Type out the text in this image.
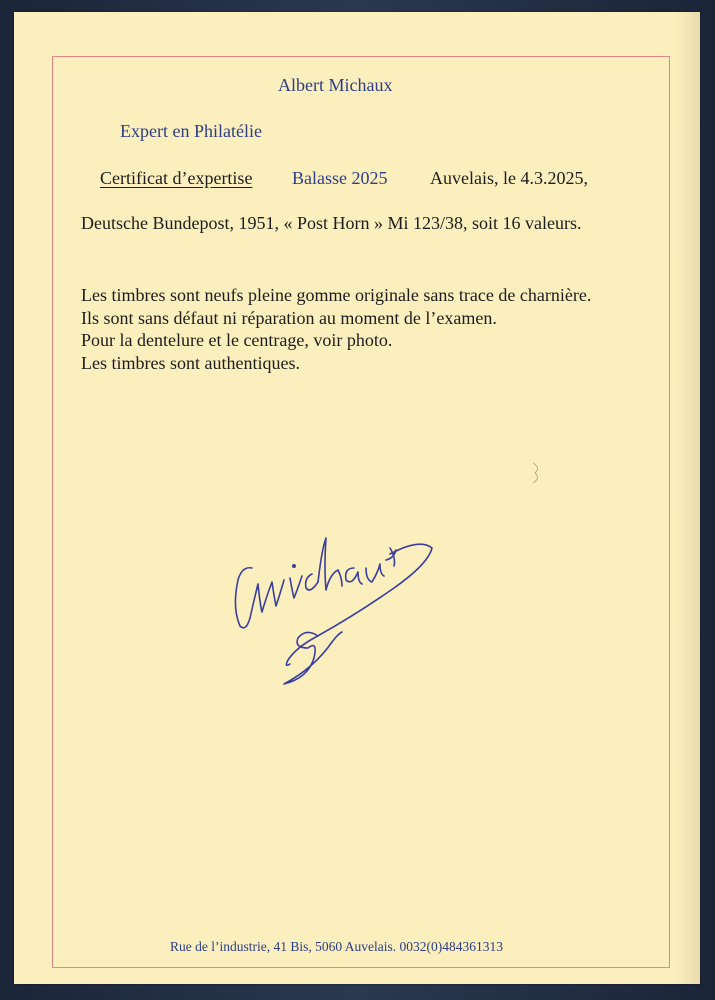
Albert Michaux
Expert en Philatélie
Certificat d’expertise Balasse 2025 Auvelais, le 4.3.2025,
Deutsche Bundepost, 1951, « Post Horn » Mi 123/38, soit 16 valeurs.
Les timbres sont neufs pleine gomme originale sans trace de charnière.
Ils sont sans défaut ni réparation au moment de l’examen.
Pour la dentelure et le centrage, voir photo.
Les timbres sont authentiques.
Rue de l’industrie, 41 Bis, 5060 Auvelais. 0032(0)484361313
